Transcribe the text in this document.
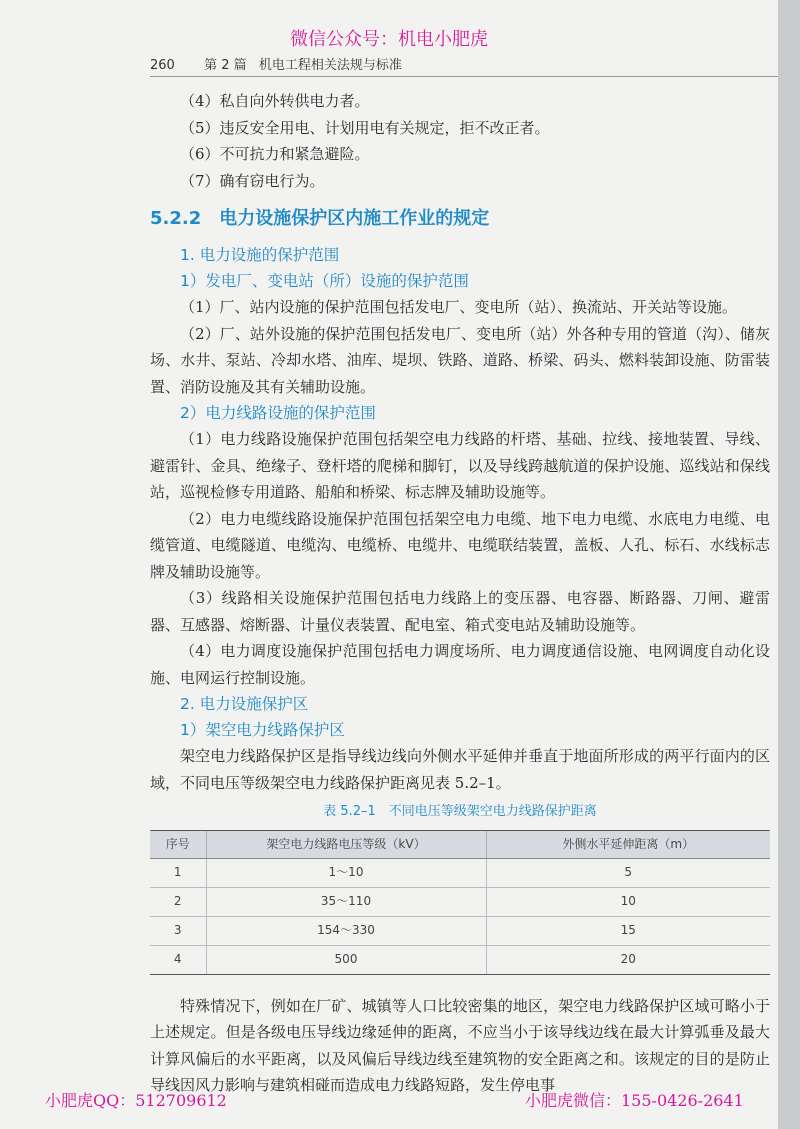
微信公众号：机电小肥虎
260 第 2 篇 机电工程相关法规与标准
（4）私自向外转供电力者。
（5）违反安全用电、计划用电有关规定，拒不改正者。
（6）不可抗力和紧急避险。
（7）确有窃电行为。
5.2.2 电力设施保护区内施工作业的规定
1. 电力设施的保护范围
1）发电厂、变电站（所）设施的保护范围
（1）厂、站内设施的保护范围包括发电厂、变电所（站）、换流站、开关站等设施。
（2）厂、站外设施的保护范围包括发电厂、变电所（站）外各种专用的管道（沟）、储灰场、水井、泵站、冷却水塔、油库、堤坝、铁路、道路、桥梁、码头、燃料装卸设施、防雷装置、消防设施及其有关辅助设施。
2）电力线路设施的保护范围
（1）电力线路设施保护范围包括架空电力线路的杆塔、基础、拉线、接地装置、导线、避雷针、金具、绝缘子、登杆塔的爬梯和脚钉，以及导线跨越航道的保护设施、巡线站和保线站，巡视检修专用道路、船舶和桥梁、标志牌及辅助设施等。
（2）电力电缆线路设施保护范围包括架空电力电缆、地下电力电缆、水底电力电缆、电缆管道、电缆隧道、电缆沟、电缆桥、电缆井、电缆联结装置，盖板、人孔、标石、水线标志牌及辅助设施等。
（3）线路相关设施保护范围包括电力线路上的变压器、电容器、断路器、刀闸、避雷器、互感器、熔断器、计量仪表装置、配电室、箱式变电站及辅助设施等。
（4）电力调度设施保护范围包括电力调度场所、电力调度通信设施、电网调度自动化设施、电网运行控制设施。
2. 电力设施保护区
1）架空电力线路保护区
架空电力线路保护区是指导线边线向外侧水平延伸并垂直于地面所形成的两平行面内的区域，不同电压等级架空电力线路保护距离见表 5.2–1。
表 5.2–1　不同电压等级架空电力线路保护距离
序号	架空电力线路电压等级（kV）	外侧水平延伸距离（m）
1	1～10	5
2	35～110	10
3	154～330	15
4	500	20
特殊情况下，例如在厂矿、城镇等人口比较密集的地区，架空电力线路保护区域可略小于上述规定。但是各级电压导线边缘延伸的距离，不应当小于该导线边线在最大计算弧垂及最大计算风偏后的水平距离，以及风偏后导线边线至建筑物的安全距离之和。该规定的目的是防止导线因风力影响与建筑相碰而造成电力线路短路，发生停电事
小肥虎QQ：512709612	小肥虎微信：155-0426-2641
